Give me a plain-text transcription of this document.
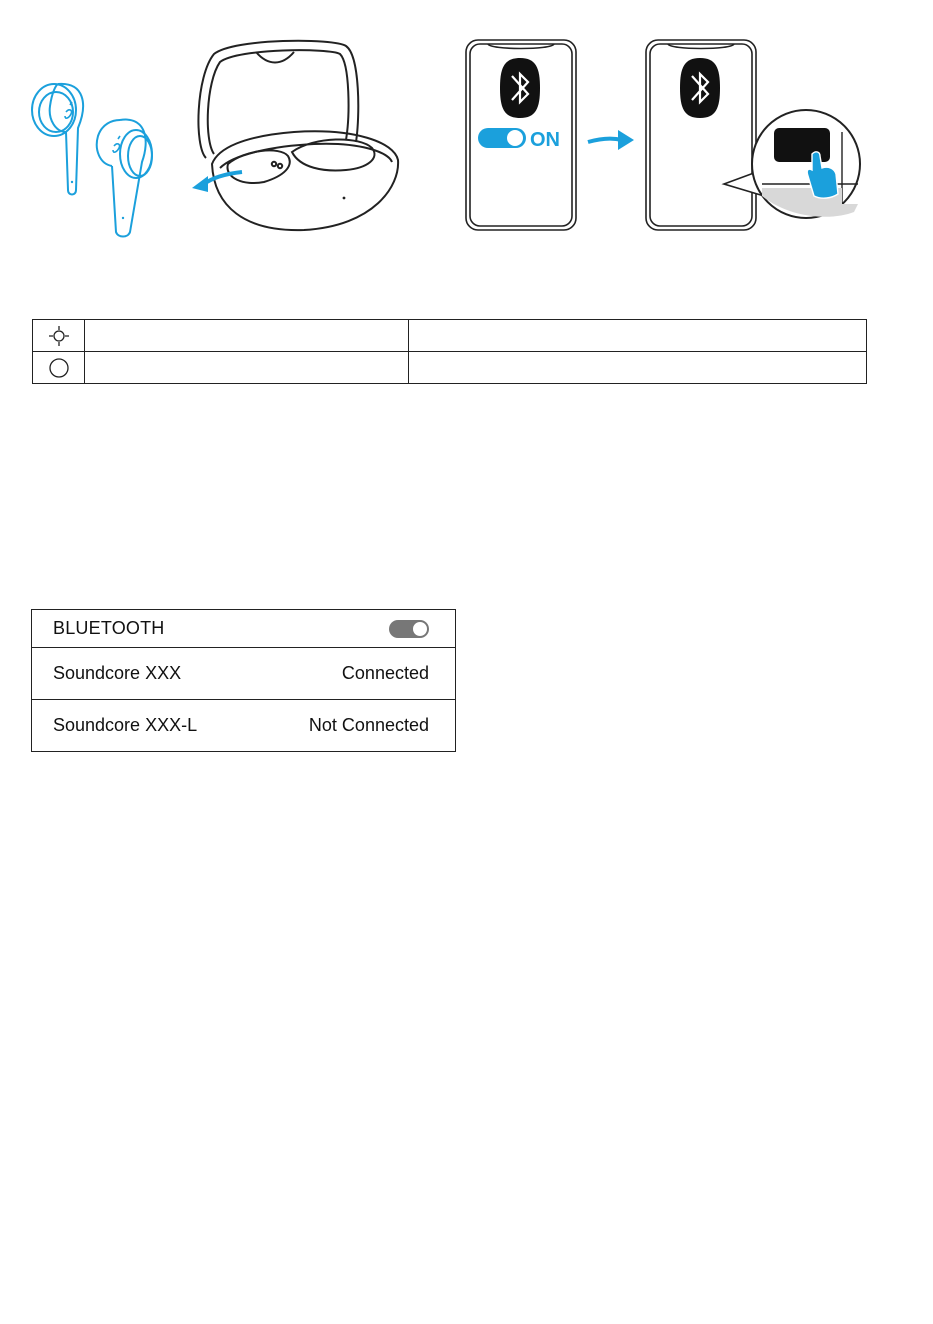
ON

BLUETOOTH
Soundcore XXX	Connected
Soundcore XXX-L	Not Connected
